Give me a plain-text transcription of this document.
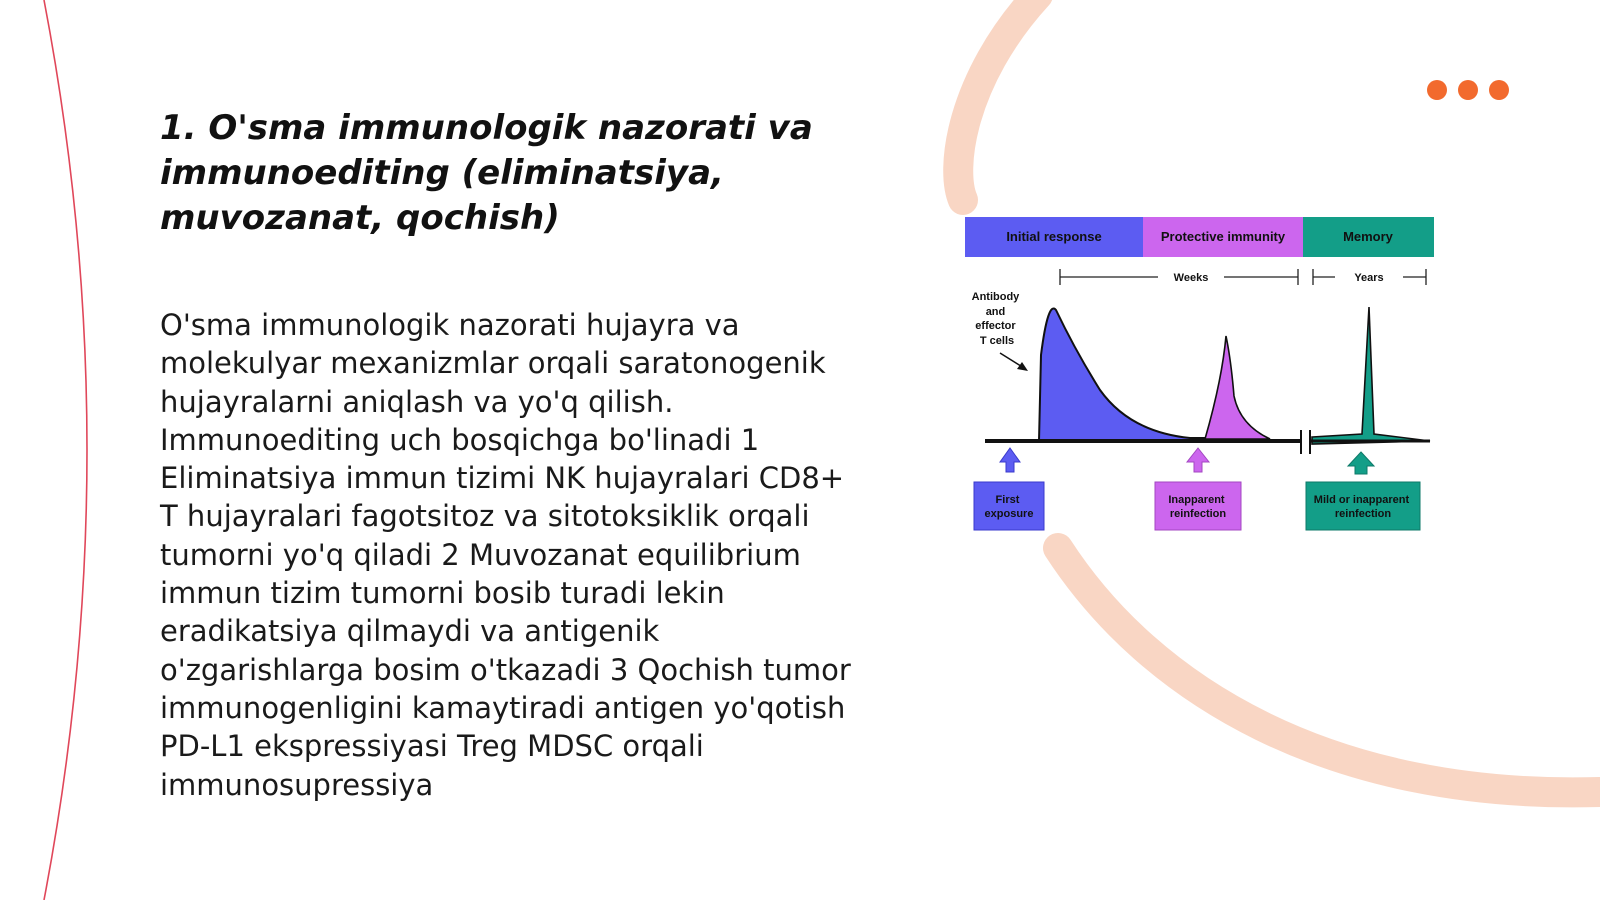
1. O'sma immunologik nazorati va immunoediting (eliminatsiya, muvozanat, qochish)

O'sma immunologik nazorati hujayra va molekulyar mexanizmlar orqali saratonogenik hujayralarni aniqlash va yo'q qilish. Immunoediting uch bosqichga bo'linadi 1 Eliminatsiya immun tizimi NK hujayralari CD8+ T hujayralari fagotsitoz va sitotoksiklik orqali tumorni yo'q qiladi 2 Muvozanat equilibrium immun tizim tumorni bosib turadi lekin eradikatsiya qilmaydi va antigenik o'zgarishlarga bosim o'tkazadi 3 Qochish tumor immunogenligini kamaytiradi antigen yo'qotish PD-L1 ekspressiyasi Treg MDSC orqali immunosupressiya

Initial response	Protective immunity	Memory
Weeks	Years
Antibody and effector T cells
First exposure
Inapparent reinfection
Mild or inapparent reinfection
